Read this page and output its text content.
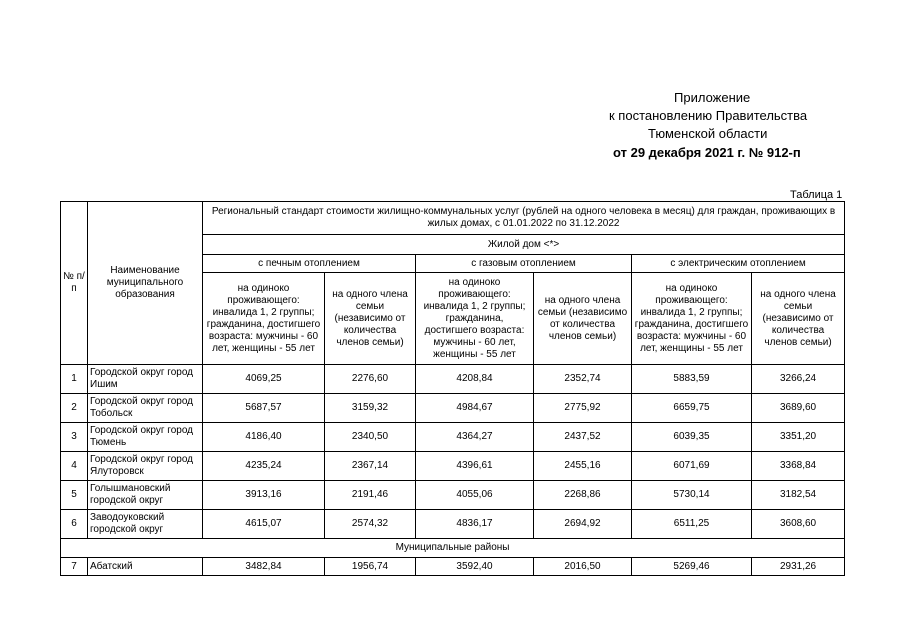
Приложение
к постановлению Правительства
Тюменской области
от 29 декабря 2021 г. № 912-п
Таблица 1
№ п/п	Наименование муниципального образования	Региональный стандарт стоимости жилищно-коммунальных услуг (рублей на одного человека в месяц) для граждан, проживающих в жилых домах, с 01.01.2022 по 31.12.2022					
		Жилой дом <*>					
		с печным отоплением		с газовым отоплением		с электрическим отоплением	
		на одиноко проживающего: инвалида 1, 2 группы; гражданина, достигшего возраста: мужчины - 60 лет, женщины - 55 лет	на одного члена семьи (независимо от количества членов семьи)	на одиноко проживающего: инвалида 1, 2 группы; гражданина, достигшего возраста: мужчины - 60 лет, женщины - 55 лет	на одного члена семьи (независимо от количества членов семьи)	на одиноко проживающего: инвалида 1, 2 группы; гражданина, достигшего возраста: мужчины - 60 лет, женщины - 55 лет	на одного члена семьи (независимо от количества членов семьи)
1	Городской округ город Ишим	4069,25	2276,60	4208,84	2352,74	5883,59	3266,24
2	Городской округ город Тобольск	5687,57	3159,32	4984,67	2775,92	6659,75	3689,60
3	Городской округ город Тюмень	4186,40	2340,50	4364,27	2437,52	6039,35	3351,20
4	Городской округ город Ялуторовск	4235,24	2367,14	4396,61	2455,16	6071,69	3368,84
5	Голышмановский городской округ	3913,16	2191,46	4055,06	2268,86	5730,14	3182,54
6	Заводоуковский городской округ	4615,07	2574,32	4836,17	2694,92	6511,25	3608,60
Муниципальные районы							
7	Абатский	3482,84	1956,74	3592,40	2016,50	5269,46	2931,26
